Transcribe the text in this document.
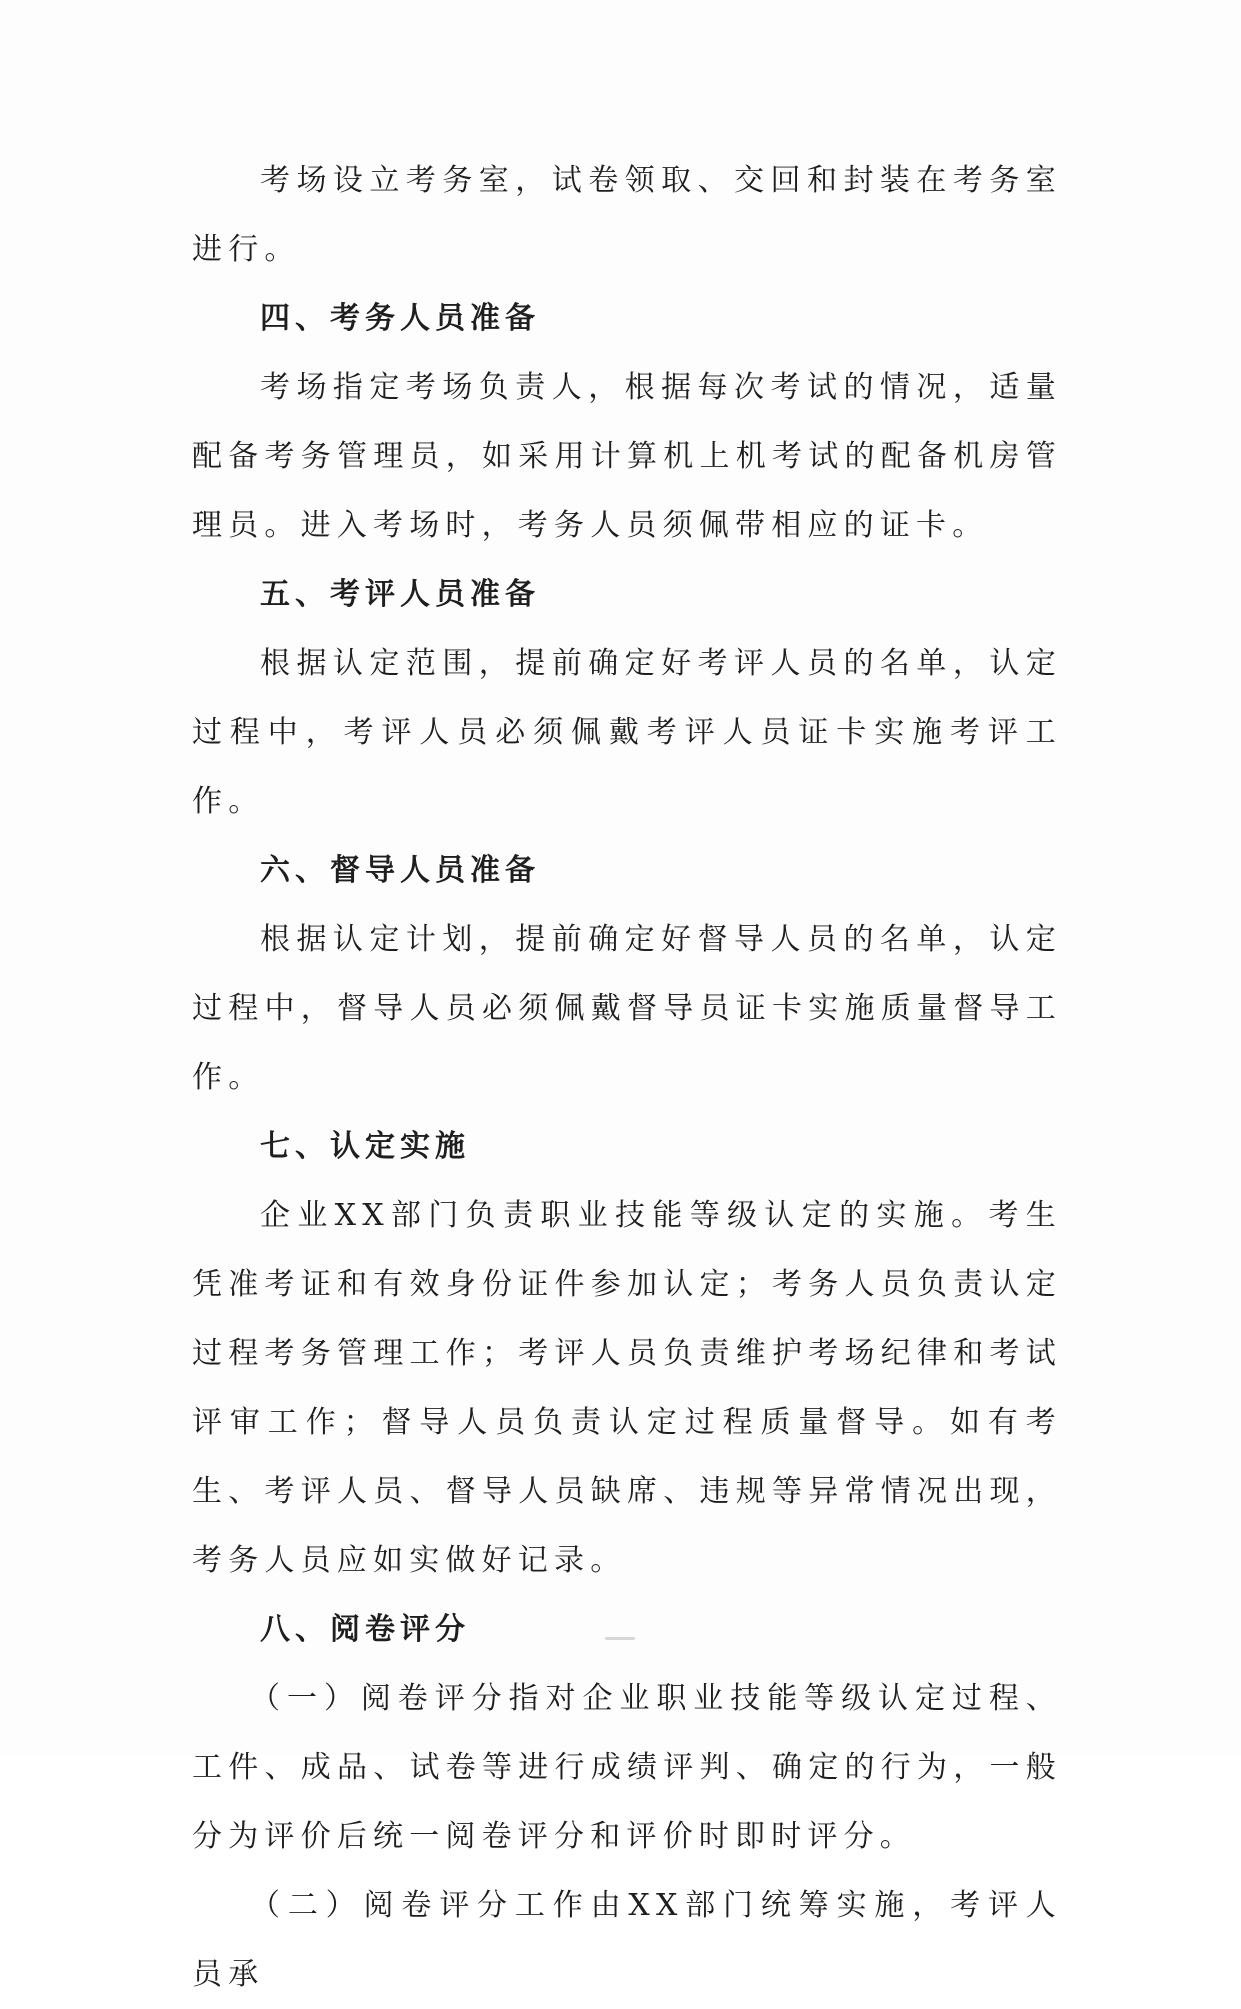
考场设立考务室，试卷领取、交回和封装在考务室进行。

四、考务人员准备

考场指定考场负责人，根据每次考试的情况，适量配备考务管理员，如采用计算机上机考试的配备机房管理员。进入考场时，考务人员须佩带相应的证卡。

五、考评人员准备

根据认定范围，提前确定好考评人员的名单，认定过程中，考评人员必须佩戴考评人员证卡实施考评工作。

六、督导人员准备

根据认定计划，提前确定好督导人员的名单，认定过程中，督导人员必须佩戴督导员证卡实施质量督导工作。

七、认定实施

企业XX部门负责职业技能等级认定的实施。考生凭准考证和有效身份证件参加认定；考务人员负责认定过程考务管理工作；考评人员负责维护考场纪律和考试评审工作；督导人员负责认定过程质量督导。如有考生、考评人员、督导人员缺席、违规等异常情况出现，考务人员应如实做好记录。

八、阅卷评分

（一）阅卷评分指对企业职业技能等级认定过程、工件、成品、试卷等进行成绩评判、确定的行为，一般分为评价后统一阅卷评分和评价时即时评分。

（二）阅卷评分工作由XX部门统筹实施，考评人员承
